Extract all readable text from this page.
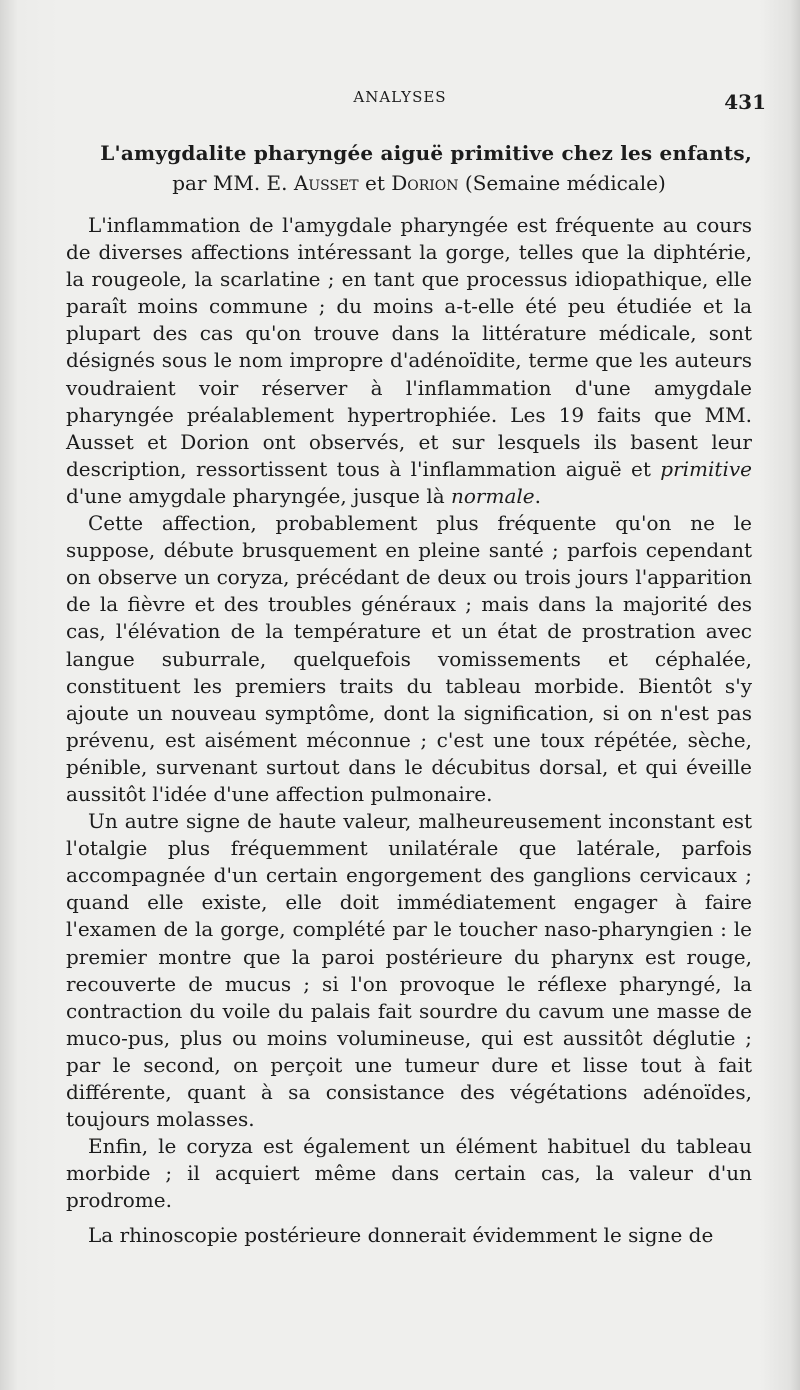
ANALYSES	431

L'amygdalite pharyngée aiguë primitive chez les enfants,

par MM. E. Ausset et Dorion (Semaine médicale)

L'inflammation de l'amygdale pharyngée est fréquente au cours de diverses affections intéressant la gorge, telles que la diphtérie, la rougeole, la scarlatine ; en tant que processus idiopathique, elle paraît moins commune ; du moins a-t-elle été peu étudiée et la plupart des cas qu'on trouve dans la littérature médicale, sont désignés sous le nom impropre d'adénoïdite, terme que les auteurs voudraient voir réserver à l'inflammation d'une amygdale pharyngée préalablement hypertrophiée. Les 19 faits que MM. Ausset et Dorion ont observés, et sur lesquels ils basent leur description, ressortissent tous à l'inflammation aiguë et primitive d'une amygdale pharyngée, jusque là normale.

Cette affection, probablement plus fréquente qu'on ne le suppose, débute brusquement en pleine santé ; parfois cependant on observe un coryza, précédant de deux ou trois jours l'apparition de la fièvre et des troubles généraux ; mais dans la majorité des cas, l'élévation de la température et un état de prostration avec langue suburrale, quelquefois vomissements et céphalée, constituent les premiers traits du tableau morbide. Bientôt s'y ajoute un nouveau symptôme, dont la signification, si on n'est pas prévenu, est aisément méconnue ; c'est une toux répétée, sèche, pénible, survenant surtout dans le décubitus dorsal, et qui éveille aussitôt l'idée d'une affection pulmonaire.

Un autre signe de haute valeur, malheureusement inconstant est l'otalgie plus fréquemment unilatérale que latérale, parfois accompagnée d'un certain engorgement des ganglions cervicaux ; quand elle existe, elle doit immédiatement engager à faire l'examen de la gorge, complété par le toucher naso-pharyngien : le premier montre que la paroi postérieure du pharynx est rouge, recouverte de mucus ; si l'on provoque le réflexe pharyngé, la contraction du voile du palais fait sourdre du cavum une masse de muco-pus, plus ou moins volumineuse, qui est aussitôt déglutie ; par le second, on perçoit une tumeur dure et lisse tout à fait différente, quant à sa consistance des végétations adénoïdes, toujours molasses.

Enfin, le coryza est également un élément habituel du tableau morbide ; il acquiert même dans certain cas, la valeur d'un prodrome.

La rhinoscopie postérieure donnerait évidemment le signe de
